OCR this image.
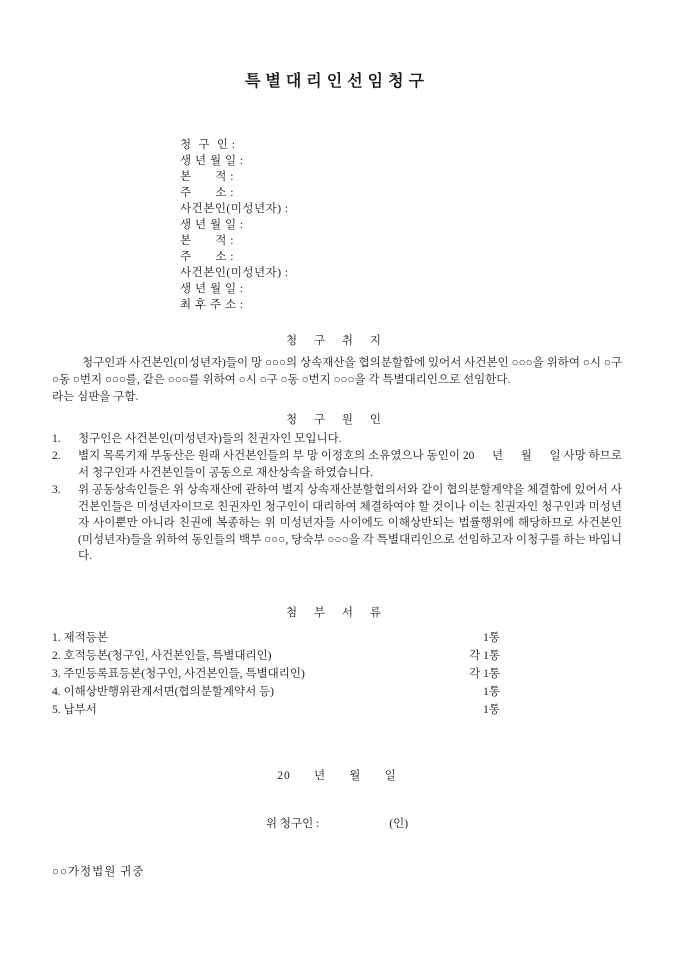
특별대리인선임청구
청  구  인 :
생 년 월 일 :
본       적 :
주       소 :
사건본인(미성년자) :
생 년 월 일 :
본       적 :
주       소 :
사건본인(미성년자) :
생 년 월 일 :
최 후 주 소 :
청 구 취 지

청구인과 사건본인(미성년자)들이 망 ○○○의 상속재산을 협의분할함에 있어서 사건본인 ○○○을 위하여 ○시 ○구 ○동 ○번지 ○○○를, 같은 ○○○를 위하여 ○시 ○구 ○동 ○번지 ○○○을 각 특별대리인으로 선임한다.

라는 심판을 구함.

청 구 원 인
1.	청구인은 사건본인(미성년자)들의 친권자인 모입니다.
2.	별지 목록기재 부동산은 원래 사건본인들의 부 망 이정호의 소유였으나 동인이 20      년      월      일 사망 하므로서 청구인과 사건본인들이 공동으로 재산상속을 하였습니다.
3.	위 공동상속인들은 위 상속재산에 관하여 별지 상속재산분할협의서와 같이 협의분할계약을 체결함에 있어서 사건본인들은 미성년자이므로 친권자인 청구인이 대리하여 체결하여야 할 것이나 이는 친권자인 청구인과 미성년자 사이뿐만 아니라 친권에 복종하는 위 미성년자들 사이에도 이해상반되는 법률행위에 해당하므로 사건본인(미성년자)들을 위하여 동인들의 백부 ○○○, 당숙부 ○○○을 각 특별대리인으로 선임하고자 이청구를 하는 바입니다.
첨 부 서 류
1. 제적등본	1통
2. 호적등본(청구인, 사건본인들, 특별대리인)	각 1통
3. 주민등록표등본(청구인, 사건본인들, 특별대리인)	각 1통
4. 이해상반행위관계서면(협의분할계약서 등)	1통
5. 납부서	1통
20      년      월      일
위 청구인 :	(인)
○○가정법원 귀중
